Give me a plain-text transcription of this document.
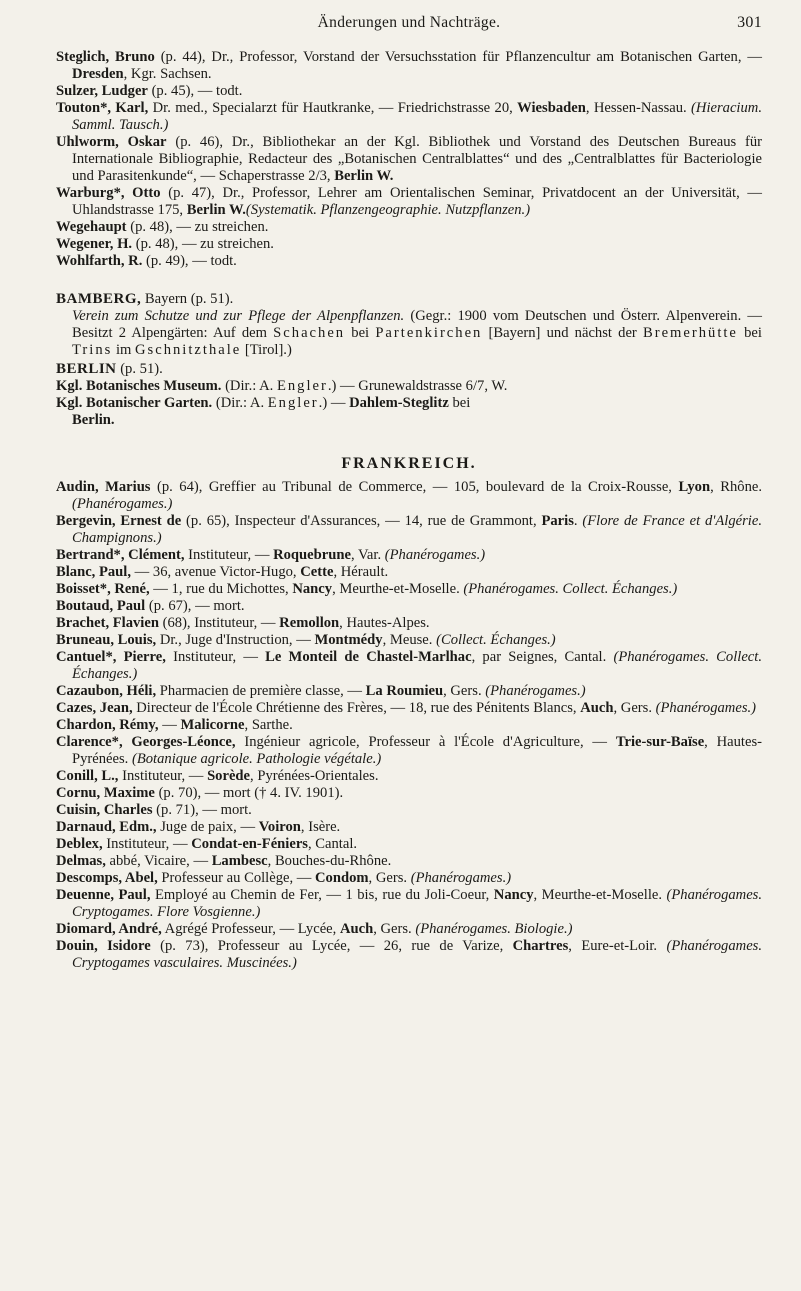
Änderungen und Nachträge.	301

Steglich, Bruno (p. 44), Dr., Professor, Vorstand der Versuchsstation für Pflanzencultur am Botanischen Garten, — Dresden, Kgr. Sachsen.

Sulzer, Ludger (p. 45), — todt.

Touton*, Karl, Dr. med., Specialarzt für Hautkranke, — Friedrichstrasse 20, Wiesbaden, Hessen-Nassau. (Hieracium. Samml. Tausch.)

Uhlworm, Oskar (p. 46), Dr., Bibliothekar an der Kgl. Bibliothek und Vorstand des Deutschen Bureaus für Internationale Bibliographie, Redacteur des „Botanischen Centralblattes“ und des „Centralblattes für Bacteriologie und Parasitenkunde“, — Schaperstrasse 2/3, Berlin W.

Warburg*, Otto (p. 47), Dr., Professor, Lehrer am Orientalischen Seminar, Privatdocent an der Universität, — Uhlandstrasse 175, Berlin W.(Systematik. Pflanzengeographie. Nutzpflanzen.)

Wegehaupt (p. 48), — zu streichen.

Wegener, H. (p. 48), — zu streichen.

Wohlfarth, R. (p. 49), — todt.

BAMBERG, Bayern (p. 51).
Verein zum Schutze und zur Pflege der Alpenpflanzen. (Gegr.: 1900 vom Deutschen und Österr. Alpenverein. — Besitzt 2 Alpengärten: Auf dem Schachen bei Partenkirchen [Bayern] und nächst der Bremerhütte bei Trins im Gschnitzthale [Tirol].)

BERLIN (p. 51).

Kgl. Botanisches Museum. (Dir.: A. Engler.) — Grunewaldstrasse 6/7, W.

Kgl. Botanischer Garten. (Dir.: A. Engler.) — Dahlem-Steglitz bei
Berlin.

FRANKREICH.

Audin, Marius (p. 64), Greffier au Tribunal de Commerce, — 105, boulevard de la Croix-Rousse, Lyon, Rhône. (Phanérogames.)

Bergevin, Ernest de (p. 65), Inspecteur d'Assurances, — 14, rue de Grammont, Paris. (Flore de France et d'Algérie. Champignons.)

Bertrand*, Clément, Instituteur, — Roquebrune, Var. (Phanérogames.)

Blanc, Paul, — 36, avenue Victor-Hugo, Cette, Hérault.

Boisset*, René, — 1, rue du Michottes, Nancy, Meurthe-et-Moselle. (Phanérogames. Collect. Échanges.)

Boutaud, Paul (p. 67), — mort.

Brachet, Flavien (68), Instituteur, — Remollon, Hautes-Alpes.

Bruneau, Louis, Dr., Juge d'Instruction, — Montmédy, Meuse. (Collect. Échanges.)

Cantuel*, Pierre, Instituteur, — Le Monteil de Chastel-Marlhac, par Seignes, Cantal. (Phanérogames. Collect. Échanges.)

Cazaubon, Héli, Pharmacien de première classe, — La Roumieu, Gers. (Phanérogames.)

Cazes, Jean, Directeur de l'École Chrétienne des Frères, — 18, rue des Pénitents Blancs, Auch, Gers. (Phanérogames.)

Chardon, Rémy, — Malicorne, Sarthe.

Clarence*, Georges-Léonce, Ingénieur agricole, Professeur à l'École d'Agriculture, — Trie-sur-Baïse, Hautes-Pyrénées. (Botanique agricole. Pathologie végétale.)

Conill, L., Instituteur, — Sorède, Pyrénées-Orientales.

Cornu, Maxime (p. 70), — mort († 4. IV. 1901).

Cuisin, Charles (p. 71), — mort.

Darnaud, Edm., Juge de paix, — Voiron, Isère.

Deblex, Instituteur, — Condat-en-Féniers, Cantal.

Delmas, abbé, Vicaire, — Lambesc, Bouches-du-Rhône.

Descomps, Abel, Professeur au Collège, — Condom, Gers. (Phanérogames.)

Deuenne, Paul, Employé au Chemin de Fer, — 1 bis, rue du Joli-Coeur, Nancy, Meurthe-et-Moselle. (Phanérogames. Cryptogames. Flore Vosgienne.)

Diomard, André, Agrégé Professeur, — Lycée, Auch, Gers. (Phanérogames. Biologie.)

Douin, Isidore (p. 73), Professeur au Lycée, — 26, rue de Varize, Chartres, Eure-et-Loir. (Phanérogames. Cryptogames vasculaires. Muscinées.)
